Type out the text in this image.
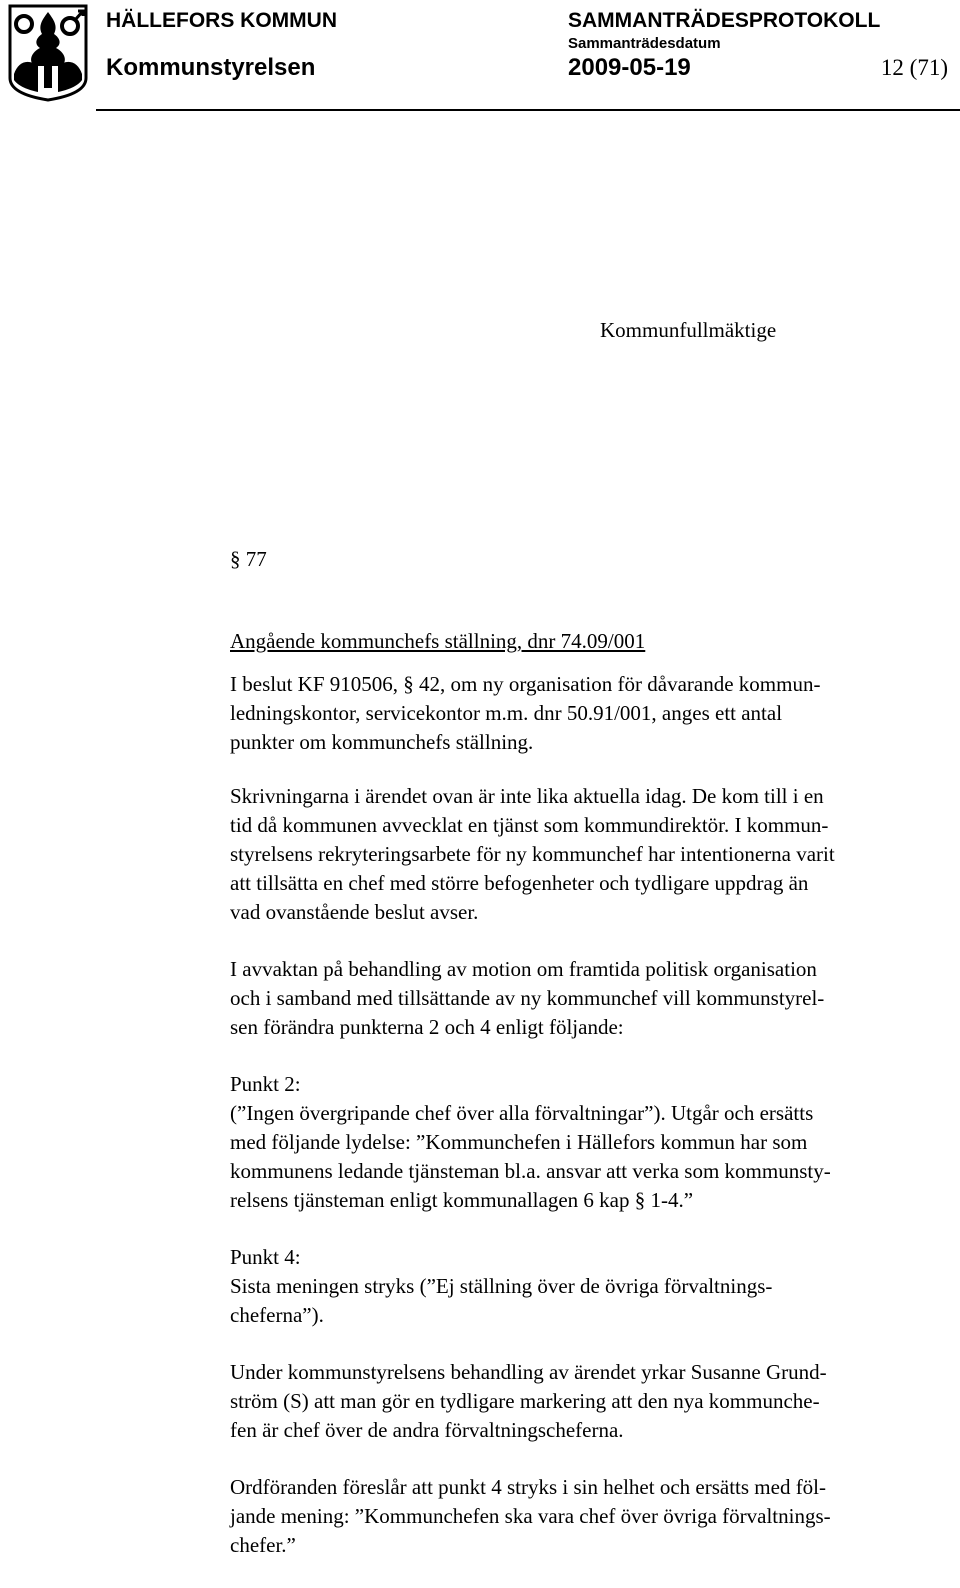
HÄLLEFORS KOMMUN
Kommunstyrelsen
SAMMANTRÄDESPROTOKOLL
Sammanträdesdatum
2009-05-19	12 (71)
Kommunfullmäktige
§ 77

Angående kommunchefs ställning, dnr 74.09/001

I beslut KF 910506, § 42, om ny organisation för dåvarande kommun-
ledningskontor, servicekontor m.m. dnr 50.91/001, anges ett antal
punkter om kommunchefs ställning.

Skrivningarna i ärendet ovan är inte lika aktuella idag. De kom till i en
tid då kommunen avvecklat en tjänst som kommundirektör. I kommun-
styrelsens rekryteringsarbete för ny kommunchef har intentionerna varit
att tillsätta en chef med större befogenheter och tydligare uppdrag än
vad ovanstående beslut avser.

I avvaktan på behandling av motion om framtida politisk organisation
och i samband med tillsättande av ny kommunchef vill kommunstyrel-
sen förändra punkterna 2 och 4 enligt följande:

Punkt 2:
(”Ingen övergripande chef över alla förvaltningar”). Utgår och ersätts
med följande lydelse: ”Kommunchefen i Hällefors kommun har som
kommunens ledande tjänsteman bl.a. ansvar att verka som kommunsty-
relsens tjänsteman enligt kommunallagen 6 kap § 1-4.”

Punkt 4:
Sista meningen stryks (”Ej ställning över de övriga förvaltnings-
cheferna”).

Under kommunstyrelsens behandling av ärendet yrkar Susanne Grund-
ström (S) att man gör en tydligare markering att den nya kommunche-
fen är chef över de andra förvaltningscheferna.

Ordföranden föreslår att punkt 4 stryks i sin helhet och ersätts med föl-
jande mening: ”Kommunchefen ska vara chef över övriga förvaltnings-
chefer.”
